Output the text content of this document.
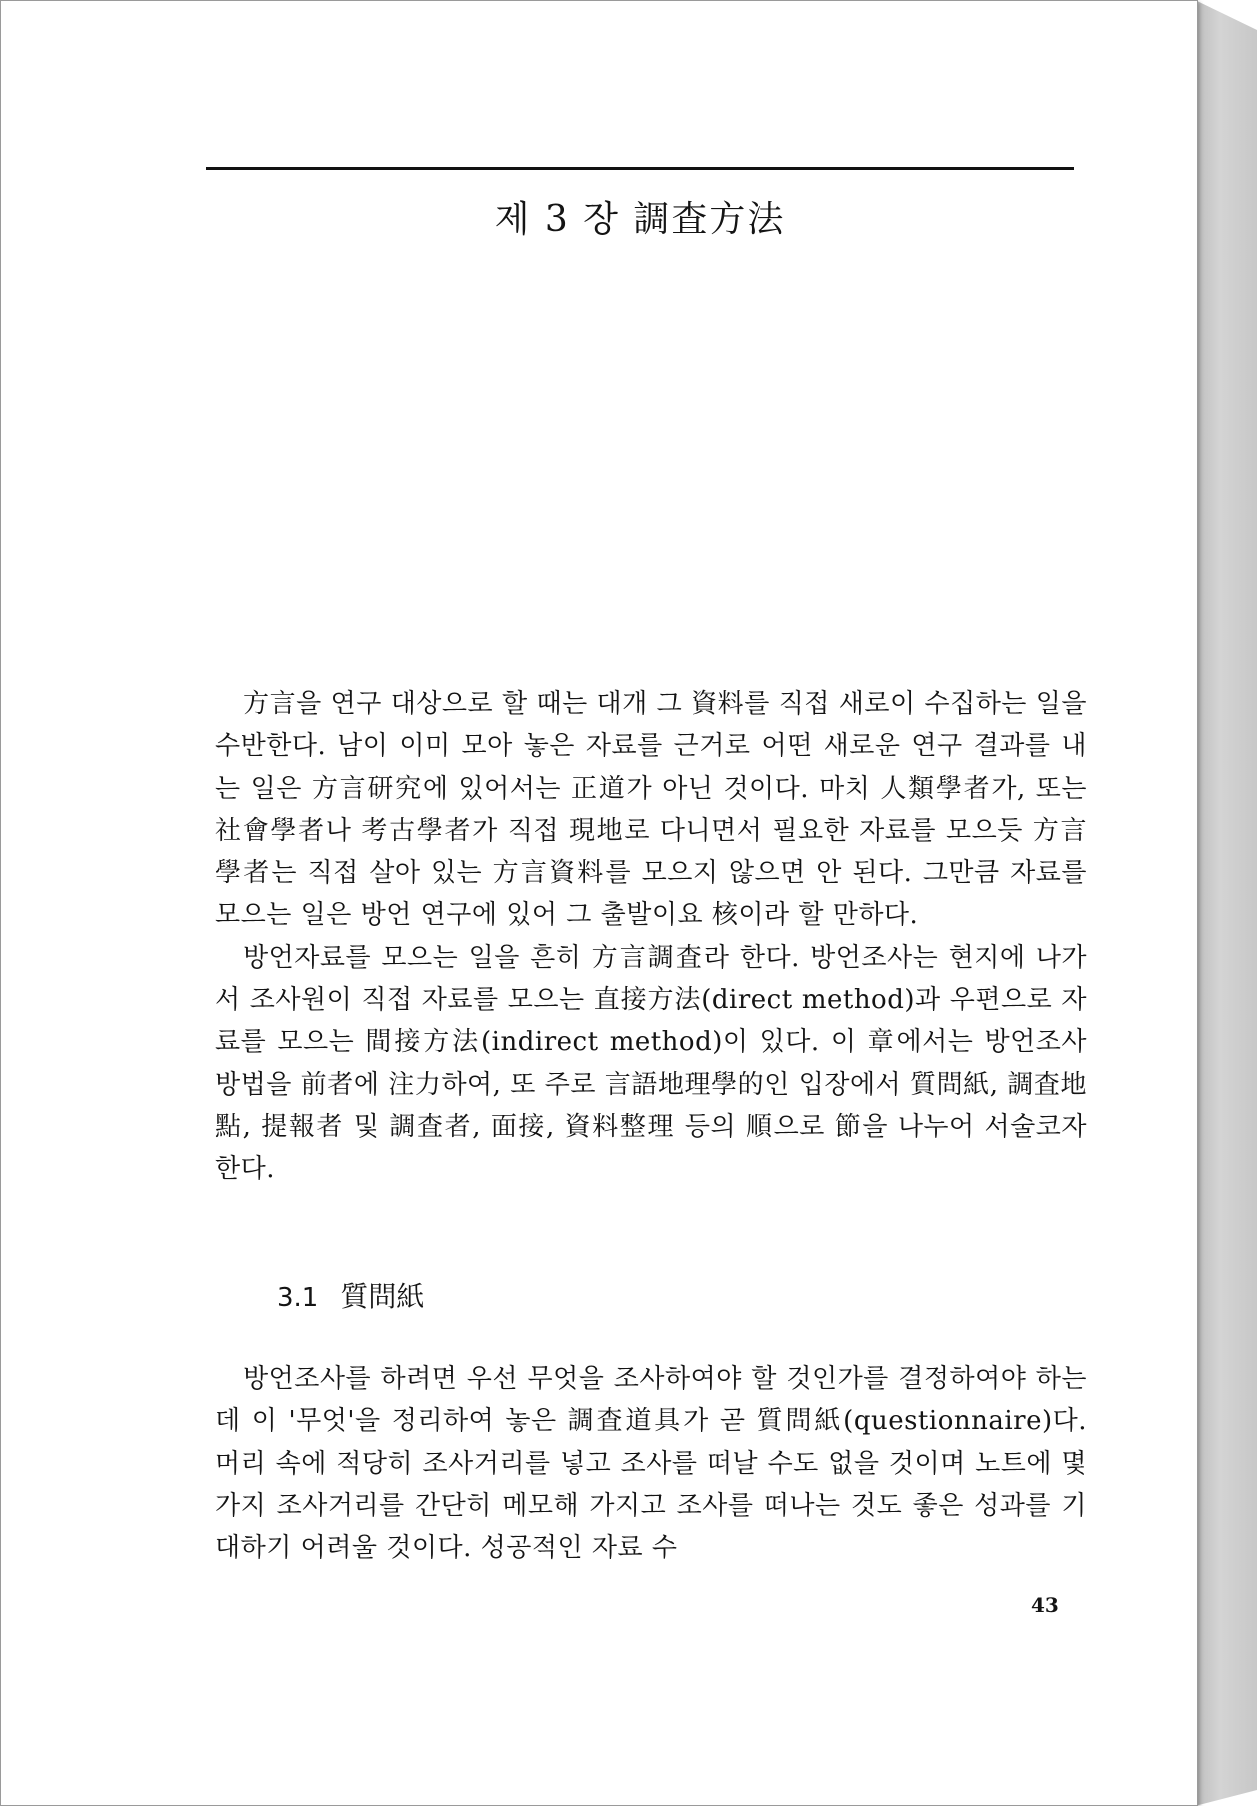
제 3 장 調査方法

方言을 연구 대상으로 할 때는 대개 그 資料를 직접 새로이 수집하는 일을 수반한다. 남이 이미 모아 놓은 자료를 근거로 어떤 새로운 연구 결과를 내는 일은 方言研究에 있어서는 正道가 아닌 것이다. 마치 人類學者가, 또는 社會學者나 考古學者가 직접 現地로 다니면서 필요한 자료를 모으듯 方言學者는 직접 살아 있는 方言資料를 모으지 않으면 안 된다. 그만큼 자료를 모으는 일은 방언 연구에 있어 그 출발이요 核이라 할 만하다.

방언자료를 모으는 일을 흔히 方言調査라 한다. 방언조사는 현지에 나가서 조사원이 직접 자료를 모으는 直接方法(direct method)과 우편으로 자료를 모으는 間接方法(indirect method)이 있다. 이 章에서는 방언조사 방법을 前者에 注力하여, 또 주로 言語地理學的인 입장에서 質問紙, 調査地點, 提報者 및 調査者, 面接, 資料整理 등의 順으로 節을 나누어 서술코자 한다.

3.1 質問紙

방언조사를 하려면 우선 무엇을 조사하여야 할 것인가를 결정하여야 하는데 이 '무엇'을 정리하여 놓은 調査道具가 곧 質問紙(questionnaire)다. 머리 속에 적당히 조사거리를 넣고 조사를 떠날 수도 없을 것이며 노트에 몇 가지 조사거리를 간단히 메모해 가지고 조사를 떠나는 것도 좋은 성과를 기대하기 어려울 것이다. 성공적인 자료 수

43
